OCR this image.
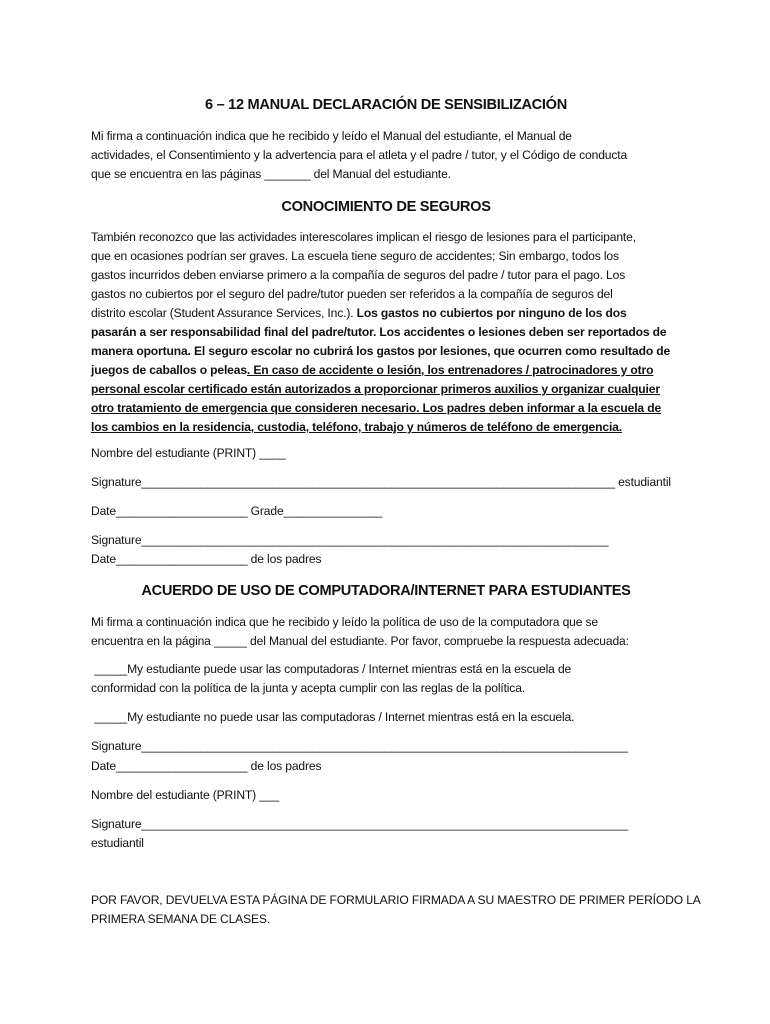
6 – 12 MANUAL DECLARACIÓN DE SENSIBILIZACIÓN

Mi firma a continuación indica que he recibido y leído el Manual del estudiante, el Manual de

actividades, el Consentimiento y la advertencia para el atleta y el padre / tutor, y el Código de conducta

que se encuentra en las páginas _______ del Manual del estudiante.

CONOCIMIENTO DE SEGUROS

También reconozco que las actividades interescolares implican el riesgo de lesiones para el participante,

que en ocasiones podrían ser graves. La escuela tiene seguro de accidentes; Sin embargo, todos los

gastos incurridos deben enviarse primero a la compañía de seguros del padre / tutor para el pago. Los

gastos no cubiertos por el seguro del padre/tutor pueden ser referidos a la compañía de seguros del

distrito escolar (Student Assurance Services, Inc.). Los gastos no cubiertos por ninguno de los dos

pasarán a ser responsabilidad final del padre/tutor. Los accidentes o lesiones deben ser reportados de

manera oportuna. El seguro escolar no cubrirá los gastos por lesiones, que ocurren como resultado de

juegos de caballos o peleas. En caso de accidente o lesión, los entrenadores / patrocinadores y otro

personal escolar certificado están autorizados a proporcionar primeros auxilios y organizar cualquier

otro tratamiento de emergencia que consideren necesario. Los padres deben informar a la escuela de

los cambios en la residencia, custodia, teléfono, trabajo y números de teléfono de emergencia.

Nombre del estudiante (PRINT) ____

Signature________________________________________________________________________ estudiantil

Date____________________ Grade_______________

Signature_______________________________________________________________________

Date____________________ de los padres

ACUERDO DE USO DE COMPUTADORA/INTERNET PARA ESTUDIANTES

Mi firma a continuación indica que he recibido y leído la política de uso de la computadora que se

encuentra en la página _____ del Manual del estudiante. Por favor, compruebe la respuesta adecuada:

_____My estudiante puede usar las computadoras / Internet mientras está en la escuela de

conformidad con la política de la junta y acepta cumplir con las reglas de la política.

_____My estudiante no puede usar las computadoras / Internet mientras está en la escuela.

Signature__________________________________________________________________________

Date____________________ de los padres

Nombre del estudiante (PRINT) ___

Signature__________________________________________________________________________

estudiantil

POR FAVOR, DEVUELVA ESTA PÁGINA DE FORMULARIO FIRMADA A SU MAESTRO DE PRIMER PERÍODO LA

PRIMERA SEMANA DE CLASES.
